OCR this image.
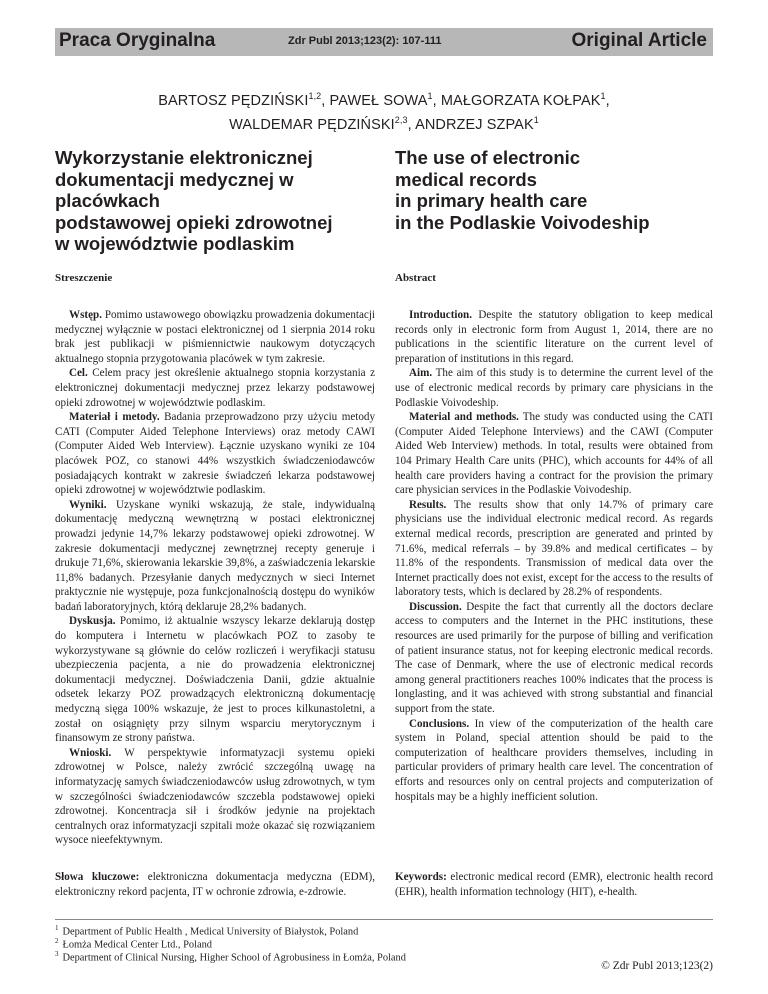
Praca Oryginalna	Zdr Publ 2013;123(2): 107-111	Original Article
BARTOSZ PĘDZIŃSKI$^{1,2}$, PAWEŁ SOWA$^1$, MAŁGORZATA KOŁPAK$^1$,
WALDEMAR PĘDZIŃSKI$^{2,3}$, ANDRZEJ SZPAK$^1$
Wykorzystanie elektronicznej
dokumentacji medycznej w placówkach
podstawowej opieki zdrowotnej
w województwie podlaskim
The use of electronic
medical records
in primary health care
in the Podlaskie Voivodeship
Streszczenie	Abstract

Wstęp. Pomimo ustawowego obowiązku prowadzenia dokumentacji medycznej wyłącznie w postaci elektronicznej od 1 sierpnia 2014 roku brak jest publikacji w piśmiennictwie naukowym dotyczących aktualnego stopnia przygotowania placówek w tym zakresie.

Cel. Celem pracy jest określenie aktualnego stopnia korzystania z elektronicznej dokumentacji medycznej przez lekarzy podstawowej opieki zdrowotnej w województwie podlaskim.

Materiał i metody. Badania przeprowadzono przy użyciu metody CATI (Computer Aided Telephone Interviews) oraz metody CAWI (Computer Aided Web Interview). Łącznie uzyskano wyniki ze 104 placówek POZ, co stanowi 44% wszystkich świadczeniodawców posiadających kontrakt w zakresie świadczeń lekarza podstawowej opieki zdrowotnej w województwie podlaskim.

Wyniki. Uzyskane wyniki wskazują, że stale, indywidualną dokumentację medyczną wewnętrzną w postaci elektronicznej prowadzi jedynie 14,7% lekarzy podstawowej opieki zdrowotnej. W zakresie dokumentacji medycznej zewnętrznej recepty generuje i drukuje 71,6%, skierowania lekarskie 39,8%, a zaświadczenia lekarskie 11,8% badanych. Przesyłanie danych medycznych w sieci Internet praktycznie nie występuje, poza funkcjonalnością dostępu do wyników badań laboratoryjnych, którą deklaruje 28,2% badanych.

Dyskusja. Pomimo, iż aktualnie wszyscy lekarze deklarują dostęp do komputera i Internetu w placówkach POZ to zasoby te wykorzystywane są głównie do celów rozliczeń i weryfikacji statusu ubezpieczenia pacjenta, a nie do prowadzenia elektronicznej dokumentacji medycznej. Doświadczenia Danii, gdzie aktualnie odsetek lekarzy POZ prowadzących elektroniczną dokumentację medyczną sięga 100% wskazuje, że jest to proces kilkunastoletni, a został on osiągnięty przy silnym wsparciu merytorycznym i finansowym ze strony państwa.

Wnioski. W perspektywie informatyzacji systemu opieki zdrowotnej w Polsce, należy zwrócić szczególną uwagę na informatyzację samych świadczeniodawców usług zdrowotnych, w tym w szczególności świadczeniodawców szczebla podstawowej opieki zdrowotnej. Koncentracja sił i środków jedynie na projektach centralnych oraz informatyzacji szpitali może okazać się rozwiązaniem wysoce nieefektywnym.

Introduction. Despite the statutory obligation to keep medical records only in electronic form from August 1, 2014, there are no publications in the scientific literature on the current level of preparation of institutions in this regard.

Aim. The aim of this study is to determine the current level of the use of electronic medical records by primary care physicians in the Podlaskie Voivodeship.

Material and methods. The study was conducted using the CATI (Computer Aided Telephone Interviews) and the CAWI (Computer Aided Web Interview) methods. In total, results were obtained from 104 Primary Health Care units (PHC), which accounts for 44% of all health care providers having a contract for the provision the primary care physician services in the Podlaskie Voivodeship.

Results. The results show that only 14.7% of primary care physicians use the individual electronic medical record. As regards external medical records, prescription are generated and printed by 71.6%, medical referrals – by 39.8% and medical certificates – by 11.8% of the respondents. Transmission of medical data over the Internet practically does not exist, except for the access to the results of laboratory tests, which is declared by 28.2% of respondents.

Discussion. Despite the fact that currently all the doctors declare access to computers and the Internet in the PHC institutions, these resources are used primarily for the purpose of billing and verification of patient insurance status, not for keeping electronic medical records. The case of Denmark, where the use of electronic medical records among general practitioners reaches 100% indicates that the process is longlasting, and it was achieved with strong substantial and financial support from the state.

Conclusions. In view of the computerization of the health care system in Poland, special attention should be paid to the computerization of healthcare providers themselves, including in particular providers of primary health care level. The concentration of efforts and resources only on central projects and computerization of hospitals may be a highly inefficient solution.

Słowa kluczowe: elektroniczna dokumentacja medyczna (EDM), elektroniczny rekord pacjenta, IT w ochronie zdrowia, e-zdrowie.
Keywords: electronic medical record (EMR), electronic health record (EHR), health information technology (HIT), e-health.
$^1$ Department of Public Health , Medical University of Białystok, Poland
$^2$ Łomża Medical Center Ltd., Poland
$^3$ Department of Clinical Nursing, Higher School of Agrobusiness in Łomża, Poland
© Zdr Publ 2013;123(2)
